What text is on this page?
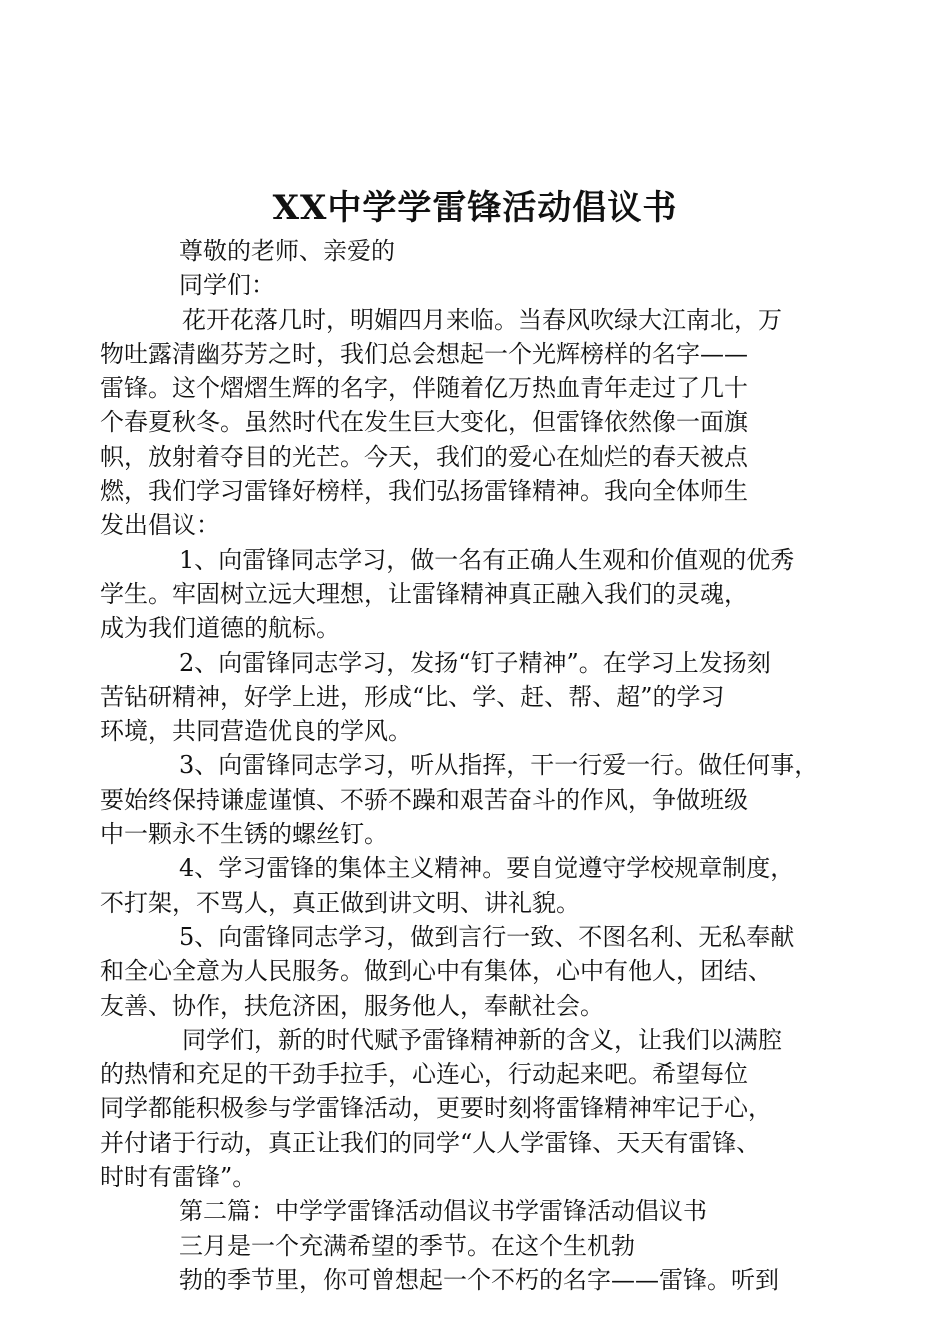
XX中学学雷锋活动倡议书
尊敬的老师、亲爱的
同学们：
花开花落几时，明媚四月来临。当春风吹绿大江南北，万
物吐露清幽芬芳之时，我们总会想起一个光辉榜样的名字——
雷锋。这个熠熠生辉的名字，伴随着亿万热血青年走过了几十
个春夏秋冬。虽然时代在发生巨大变化，但雷锋依然像一面旗
帜，放射着夺目的光芒。今天，我们的爱心在灿烂的春天被点
燃，我们学习雷锋好榜样，我们弘扬雷锋精神。我向全体师生
发出倡议：
1、向雷锋同志学习，做一名有正确人生观和价值观的优秀
学生。牢固树立远大理想，让雷锋精神真正融入我们的灵魂，
成为我们道德的航标。
2、向雷锋同志学习，发扬“钉子精神”。在学习上发扬刻
苦钻研精神，好学上进，形成“比、学、赶、帮、超”的学习
环境，共同营造优良的学风。
3、向雷锋同志学习，听从指挥，干一行爱一行。做任何事，
要始终保持谦虚谨慎、不骄不躁和艰苦奋斗的作风，争做班级
中一颗永不生锈的螺丝钉。
4、学习雷锋的集体主义精神。要自觉遵守学校规章制度，
不打架，不骂人，真正做到讲文明、讲礼貌。
5、向雷锋同志学习，做到言行一致、不图名利、无私奉献
和全心全意为人民服务。做到心中有集体，心中有他人，团结、
友善、协作，扶危济困，服务他人，奉献社会。
同学们，新的时代赋予雷锋精神新的含义，让我们以满腔
的热情和充足的干劲手拉手，心连心，行动起来吧。希望每位
同学都能积极参与学雷锋活动，更要时刻将雷锋精神牢记于心，
并付诸于行动，真正让我们的同学“人人学雷锋、天天有雷锋、
时时有雷锋”。
第二篇：中学学雷锋活动倡议书学雷锋活动倡议书
三月是一个充满希望的季节。在这个生机勃
勃的季节里，你可曾想起一个不朽的名字——雷锋。听到
